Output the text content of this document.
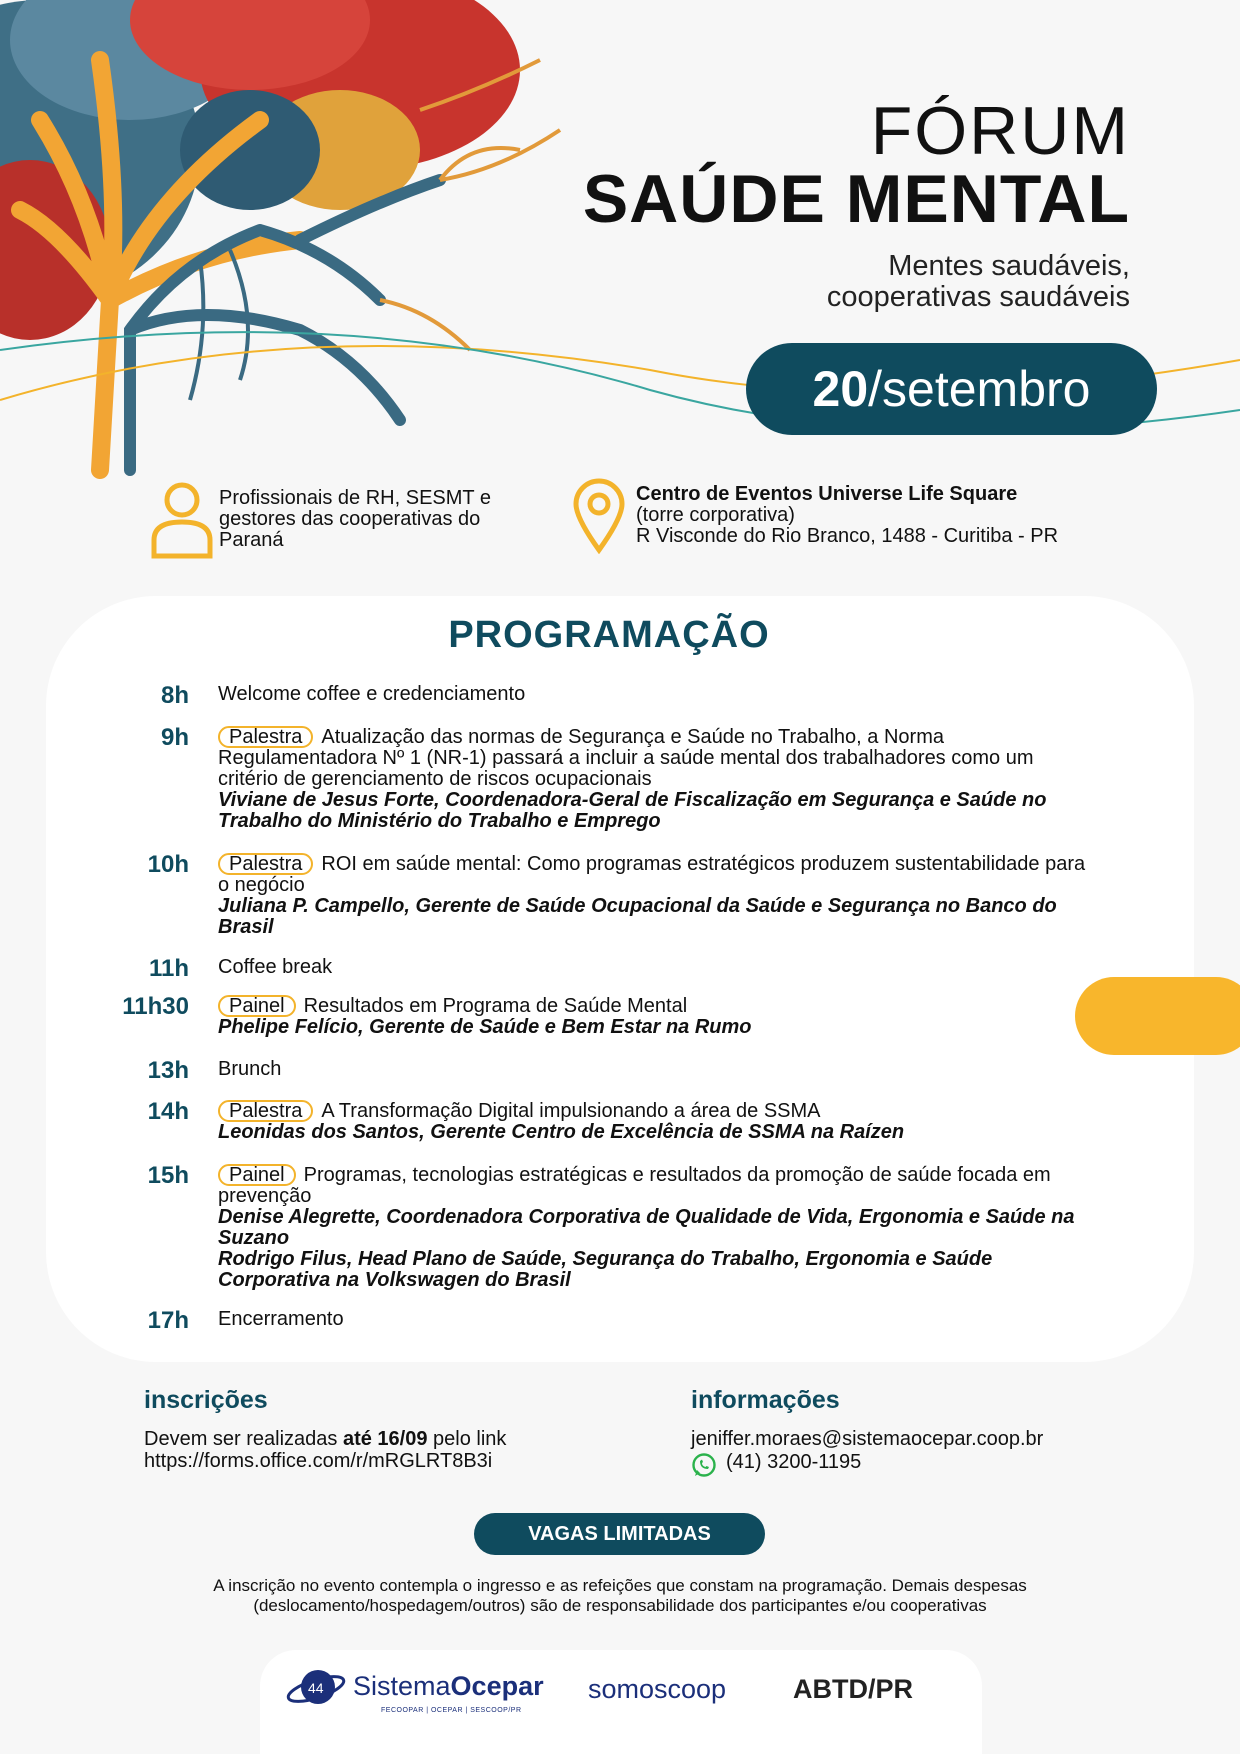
FÓRUM
SAÚDE MENTAL
Mentes saudáveis,
cooperativas saudáveis
20 /setembro
Profissionais de RH, SESMT e gestores das cooperativas do Paraná
Centro de Eventos Universe Life Square
(torre corporativa)
R Visconde do Rio Branco, 1488 - Curitiba - PR
PROGRAMAÇÃO
8h Welcome coffee e credenciamento
9h	Palestra Atualização das normas de Segurança e Saúde no Trabalho, a Norma Regulamentadora Nº 1 (NR-1) passará a incluir a saúde mental dos trabalhadores como um critério de gerenciamento de riscos ocupacionais
Viviane de Jesus Forte, Coordenadora-Geral de Fiscalização em Segurança e Saúde no Trabalho do Ministério do Trabalho e Emprego
10h	Palestra ROI em saúde mental: Como programas estratégicos produzem sustentabilidade para o negócio
Juliana P. Campello, Gerente de Saúde Ocupacional da Saúde e Segurança no Banco do Brasil
11h Coffee break
11h30	Painel Resultados em Programa de Saúde Mental
Phelipe Felício, Gerente de Saúde e Bem Estar na Rumo
13h Brunch
14h	Palestra A Transformação Digital impulsionando a área de SSMA
Leonidas dos Santos, Gerente Centro de Excelência de SSMA na Raízen
15h	Painel Programas, tecnologias estratégicas e resultados da promoção de saúde focada em prevenção
Denise Alegrette, Coordenadora Corporativa de Qualidade de Vida, Ergonomia e Saúde na Suzano
Rodrigo Filus, Head Plano de Saúde, Segurança do Trabalho, Ergonomia e Saúde Corporativa na Volkswagen do Brasil
17h Encerramento
inscrições
Devem ser realizadas até 16/09 pelo link
https://forms.office.com/r/mRGLRT8B3i
informações
jeniffer.moraes@sistemaocepar.coop.br
(41) 3200-1195
VAGAS LIMITADAS
A inscrição no evento contempla o ingresso e as refeições que constam na programação. Demais despesas (deslocamento/hospedagem/outros) são de responsabilidade dos participantes e/ou cooperativas
44 SistemaOcepar
FECOOPAR | OCEPAR | SESCOOP/PR
somoscoop ABTD/PR
